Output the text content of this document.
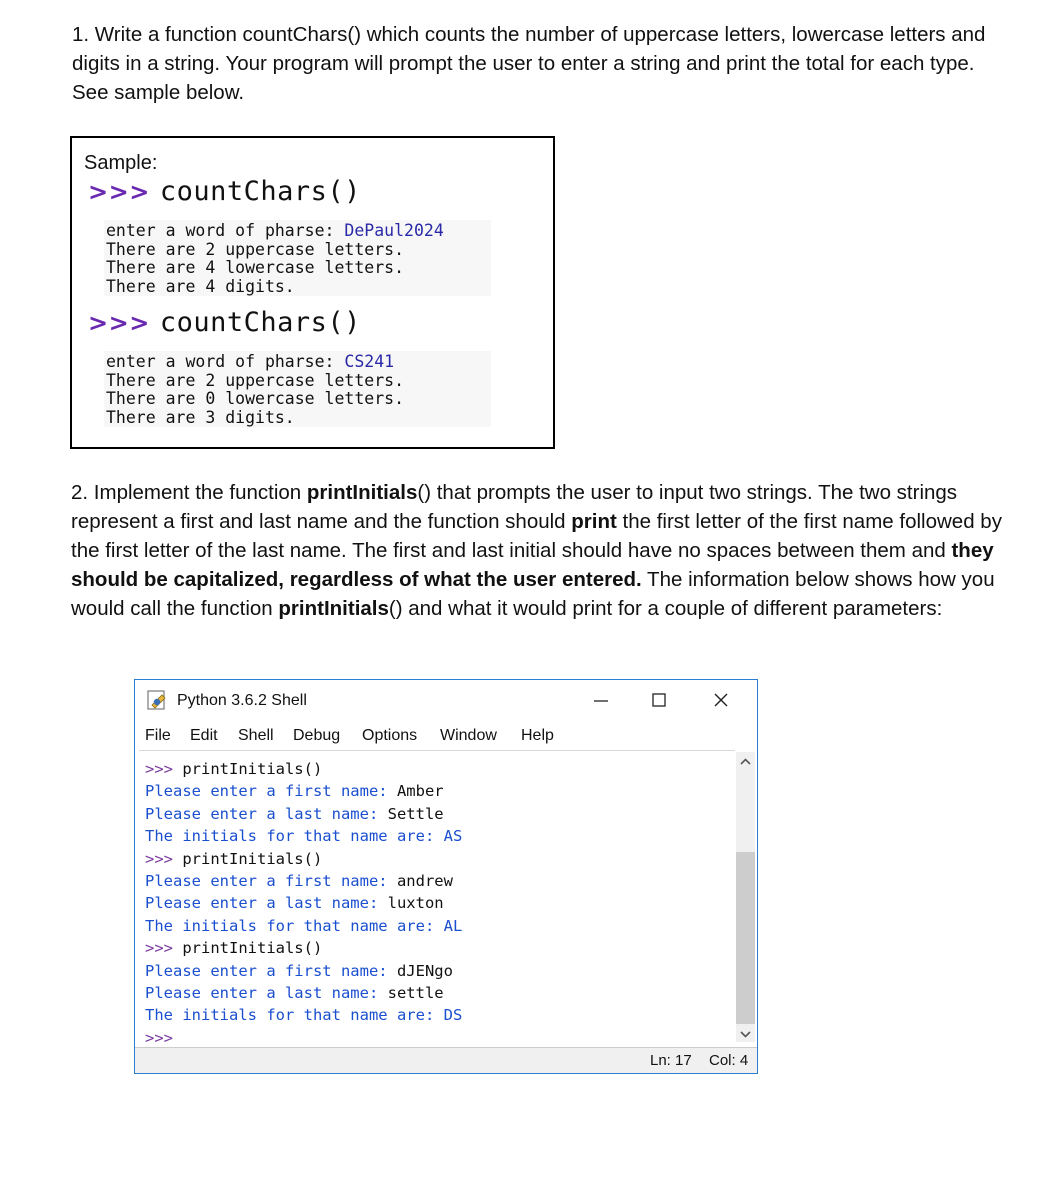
1. Write a function countChars() which counts the number of uppercase letters, lowercase letters and digits in a string. Your program will prompt the user to enter a string and print the total for each type. See sample below.
Sample:
>>> countChars()
enter a word of pharse: DePaul2024
There are 2 uppercase letters.
There are 4 lowercase letters.
There are 4 digits.
>>> countChars()
enter a word of pharse: CS241
There are 2 uppercase letters.
There are 0 lowercase letters.
There are 3 digits.
2. Implement the function printInitials() that prompts the user to input two strings. The two strings represent a first and last name and the function should print the first letter of the first name followed by the first letter of the last name. The first and last initial should have no spaces between them and they should be capitalized, regardless of what the user entered. The information below shows how you would call the function printInitials() and what it would print for a couple of different parameters:
Python 3.6.2 Shell
File Edit Shell Debug Options Window Help
>>> printInitials()
Please enter a first name: Amber
Please enter a last name: Settle
The initials for that name are: AS
>>> printInitials()
Please enter a first name: andrew
Please enter a last name: luxton
The initials for that name are: AL
>>> printInitials()
Please enter a first name: dJENgo
Please enter a last name: settle
The initials for that name are: DS
>>>
Ln: 17 Col: 4
